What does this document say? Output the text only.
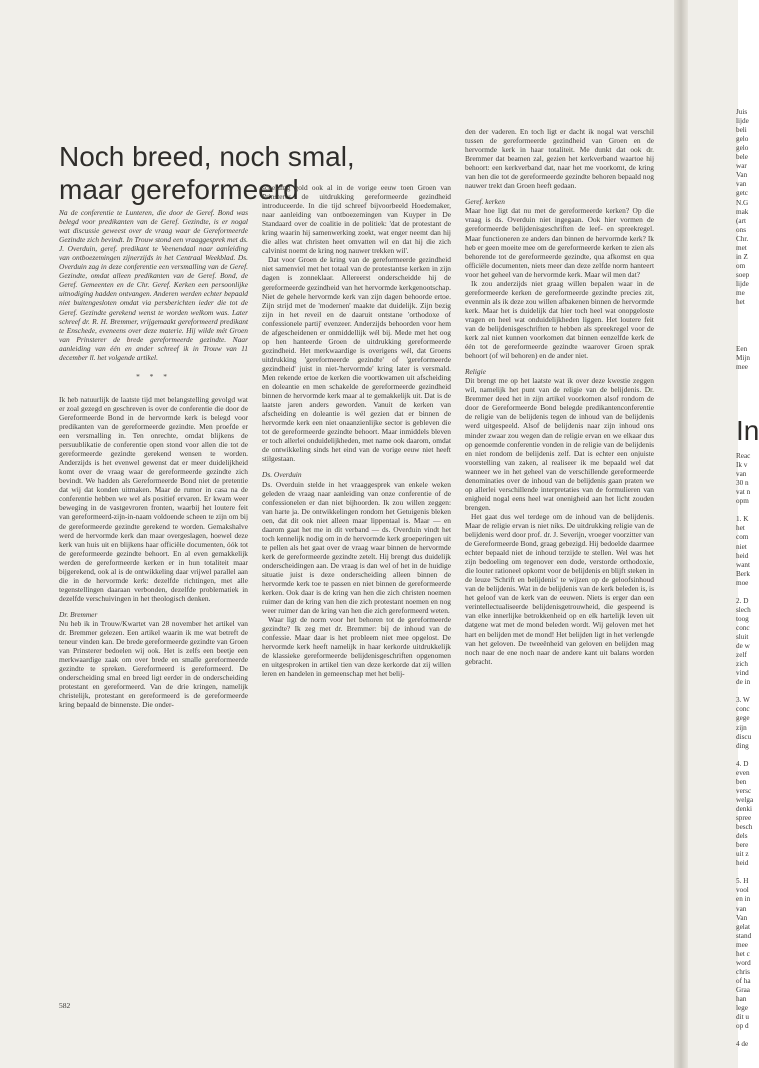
Noch breed, noch smal,
maar gereformeerd

Na de conferentie te Lunteren, die door de Geref. Bond was belegd voor predikanten van de Geref. Gezindte, is er nogal wat discussie geweest over de vraag waar de Gereformeerde Gezindte zich bevindt. In Trouw stond een vraaggesprek met ds. J. Overduin, geref. predikant te Veenendaal naar aanleiding van ontboezemingen zijnerzijds in het Centraal Weekblad. Ds. Overduin zag in deze conferentie een versmalling van de Geref. Gezindte, omdat alleen predikanten van de Geref. Bond, de Geref. Gemeenten en de Chr. Geref. Kerken een persoonlijke uitnodiging hadden ontvangen. Anderen werden echter bepaald niet buitengesloten omdat via persberichten ieder die tot de Geref. Gezindte gerekend wenst te worden welkom was. Later schreef dr. R. H. Bremmer, vrijgemaakt gereformeerd predikant te Enschede, eveneens over deze materie. Hij wilde mét Groen van Prinsterer de brede gereformeerde gezindte. Naar aanleiding van één en ander schreef ik in Trouw van 11 december ll. het volgende artikel.

* * *

Ik heb natuurlijk de laatste tijd met belangstelling gevolgd wat er zoal gezegd en geschreven is over de conferentie die door de Gereformeerde Bond in de hervormde kerk is belegd voor predikanten van de gereformeerde gezindte. Men proefde er een versmalling in. Ten onrechte, omdat blijkens de persuublikatie de conferentie open stond voor allen die tot de gereformeerde gezindte gerekend wensen te worden. Anderzijds is het evenwel gewenst dat er meer duidelijkheid komt over de vraag waar de gereformeerde gezindte zich bevindt. We hadden als Gereformeerde Bond niet de pretentie dat wij dat konden uitmaken. Maar de rumor in casa na de conferentie hebben we wel als positief ervaren. Er kwam weer beweging in de vastgevroren fronten, waarbij het loutere feit van gereformeerd-zijn-in-naam voldoende scheen te zijn om bij de gereformeerde gezindte gerekend te worden. Gemakshalve werd de hervormde kerk dan maar overgeslagen, hoewel deze kerk van huis uit en blijkens haar officiële documenten, óók tot de gereformeerde gezindte behoort. En al even gemakkelijk werden de gereformeerde kerken er in hun totaliteit maar bijgerekend, ook al is de ontwikkeling daar vrijwel parallel aan die in de hervormde kerk: dezelfde richtingen, met alle tegenstellingen daaraan verbonden, dezelfde problematiek in dezelfde verschuivingen in het theologisch denken.

Dr. Bremmer

Nu heb ik in Trouw/Kwartet van 28 november het artikel van dr. Bremmer gelezen. Een artikel waarin ik me wat betreft de teneur vinden kan. De brede gereformeerde gezindte van Groen van Prinsterer bedoelen wij ook. Het is zelfs een beetje een merkwaardige zaak om over brede en smalle gereformeerde gezindte te spreken. Gereformeerd is gereformeerd. De onderscheiding smal en breed ligt eerder in de onderscheiding protestant en gereformeerd. Van de drie kringen, namelijk christelijk, protestant en gereformeerd is de gereformeerde kring bepaald de binnenste. Die onder-

scheiding gold ook al in de vorige eeuw toen Groen van Prinsterer de uitdrukking gereformeerde gezindheid introduceerde. In die tijd schreef bijvoorbeeld Hoedemaker, naar aanleiding van ontboezemingen van Kuyper in De Standaard over de coalitie in de politiek: 'dat de protestant de kring waarin hij samenwerking zoekt, wat enger neemt dan hij die alles wat christen heet omvatten wil en dat hij die zich calvinist noemt de kring nog nauwer trekken wil'.

Dat voor Groen de kring van de gereformeerde gezindheid niet samenviel met het totaal van de protestantse kerken in zijn dagen is zonneklaar. Allereerst onderscheidde hij de gereformeerde gezindheid van het hervormde kerkgenootschap. Niet de gehele hervormde kerk van zijn dagen behoorde ertoe. Zijn strijd met de 'modernen' maakte dat duidelijk. Zijn bezig zijn in het reveil en de daaruit ontstane 'orthodoxe of confessionele partij' evenzeer. Anderzijds behoorden voor hem de afgescheidenen er onmiddellijk wél bij. Mede met het oog op hen hanteerde Groen de uitdrukking gereformeerde gezindheid. Het merkwaardige is overigens wél, dat Groens uitdrukking 'gereformeerde gezindte' of 'gereformeerde gezindheid' juist in niet-'hervormde' kring later is versmald. Men rekende ertoe de kerken die voortkwamen uit afscheiding en doleantie en men schakelde de gereformeerde gezindheid binnen de hervormde kerk maar al te gemakkelijk uit. Dat is de laatste jaren anders geworden. Vanuit de kerken van afscheiding en doleantie is wél gezien dat er binnen de hervormde kerk een niet onaanzienlijke sector is gebleven die tot de gereformeerde gezindte behoort. Maar inmiddels bleven er toch allerlei onduidelijkheden, met name ook daarom, omdat de ontwikkeling sinds het eind van de vorige eeuw niet heeft stilgestaan.

Ds. Overduin

Ds. Overduin stelde in het vraaggesprek van enkele weken geleden de vraag naar aanleiding van onze conferentie of de confessionelen er dan niet bijhoorden. Ik zou willen zeggen: van harte ja. De ontwikkelingen rondom het Getuigenis bleken oen, dat dit ook niet alleen maar lippentaal is. Maar — en daarom gaat het me in dit verband — ds. Overduin vindt het toch kennelijk nodig om in de hervormde kerk groeperingen uit te pellen als het gaat over de vraag waar binnen de hervormde kerk de gereformeerde gezindte zetelt. Hij brengt dus duidelijk onderscheidingen aan. De vraag is dan wel of het in de huidige situatie juist is deze onderscheiding alleen binnen de hervormde kerk toe te passen en niet binnen de gereformeerde kerken. Ook daar is de kring van hen die zich christen noemen ruimer dan de kring van hen die zich protestant noemen en nog weer ruimer dan de kring van hen die zich gereformeerd weten.

Waar ligt de norm voor het behoren tot de gereformeerde gezindte? Ik zeg met dr. Bremmer: bij de inhoud van de confessie. Maar daar is het probleem niet mee opgelost. De hervormde kerk heeft namelijk in haar kerkorde uitdrukkelijk de klassieke gereformeerde belijdenisgeschriften opgenomen en uitgesproken in artikel tien van deze kerkorde dat zij willen leren en handelen in gemeenschap met het belij-

den der vaderen. En toch ligt er dacht ik nogal wat verschil tussen de gereformeerde gezindheid van Groen en de hervormde kerk in haar totaliteit. Me dunkt dat ook dr. Bremmer dat beamen zal, gezien het kerkverband waartoe hij behoort: een kerkverband dat, naar het me voorkomt, de kring van hen die tot de gereformeerde gezindte behoren bepaald nog nauwer trekt dan Groen heeft gedaan.

Geref. kerken

Maar hoe ligt dat nu met de gereformeerde kerken? Op die vraag is ds. Overduin niet ingegaan. Ook hier vormen de gereformeerde belijdenisgeschriften de leef- en spreekregel. Maar functioneren ze anders dan binnen de hervormde kerk? Ik heb er geen moeite mee om de gereformeerde kerken te zien als behorende tot de gereformeerde gezindte, qua afkomst en qua officiële documenten, niets meer dan deze zelfde norm hanteert voor het geheel van de hervormde kerk. Maar wil men dat?

Ik zou anderzijds niet graag willen bepalen waar in de gereformeerde kerken de gereformeerde gezindte precies zit, evenmin als ik deze zou willen afbakenen binnen de hervormde kerk. Maar het is duidelijk dat hier toch heel wat onopgeloste vragen en heel wat onduidelijkheden liggen. Het loutere feit van de belijdenisgeschriften te hebben als spreekregel voor de kerk zal niet kunnen voorkomen dat binnen eenzelfde kerk de één tot de gereformeerde gezindte waarover Groen sprak behoort (of wil behoren) en de ander niet.

Religie

Dit brengt me op het laatste wat ik over deze kwestie zeggen wil, namelijk het punt van de religie van de belijdenis. Dr. Bremmer deed het in zijn artikel voorkomen alsof rondom de door de Gereformeerde Bond belegde predikantenconferentie de religie van de belijdenis tegen de inhoud van de belijdenis werd uitgespeeld. Alsof de belijdenis naar zijn inhoud ons minder zwaar zou wegen dan de religie ervan en we elkaar dus op genoemde conferentie vonden in de religie van de belijdenis en niet rondom de belijdenis zelf. Dat is echter een onjuiste voorstelling van zaken, al realiseer ik me bepaald wel dat wanneer we in het geheel van de verschillende gereformeerde denominaties over de inhoud van de belijdenis gaan praten we op allerlei verschillende interpretaties van de formulieren van enigheid nogal eens heel wat onenigheid aan het licht zouden brengen.

Het gaat dus wel terdege om de inhoud van de belijdenis. Maar de religie ervan is niet niks. De uitdrukking religie van de belijdenis werd door prof. dr. J. Severijn, vroeger voorzitter van de Gereformeerde Bond, graag gebezigd. Hij bedoelde daarmee echter bepaald niet de inhoud terzijde te stellen. Wel was het zijn bedoeling om tegenover een dode, verstorde orthodoxie, die louter rationeel opkomt voor de belijdenis en blijft steken in de leuze 'Schrift en belijdenis' te wijzen op de geloofsinhoud van de belijdenis. Wat in de belijdenis van de kerk beleden is, is het geloof van de kerk van de eeuwen. Niets is erger dan een verintellectualiseerde belijdenisgetrouwheid, die gespeend is van elke innerlijke betrokkenheid op en elk hartelijk leven uit datgene wat met de mond beleden wordt. Wij geloven met het hart en belijden met de mond! Het belijden ligt in het verlengde van het geloven. De tweeënheid van geloven en belijden mag noch naar de ene noch naar de andere kant uit balans worden gebracht.

582
Juis
lijde
beli
gelo
gelo
bele
war
Van
van
getc
N.G
mak
(art
ons
Chr.
met
in Z
om
soep
lijde
me
het
Een
Mijn
mee
In
Reac
Ik v
van
30 n
vat n
opm
1. K
het
com
niet
heid
want
Berk
moe
2. D
slech
toog
conc
sluit
de w
zelf
zich
vind
de in
3. W
conc
gege
zijn
discu
ding
4. D
even
ben
versc
welga
denki
spree
besch
dels
bere
uit z
heid
5. H
vool
en in
van
Van
gelat
stand
mee
het c
word
chris
of ha
Graa
han
lege
dit u
op d
4 de
